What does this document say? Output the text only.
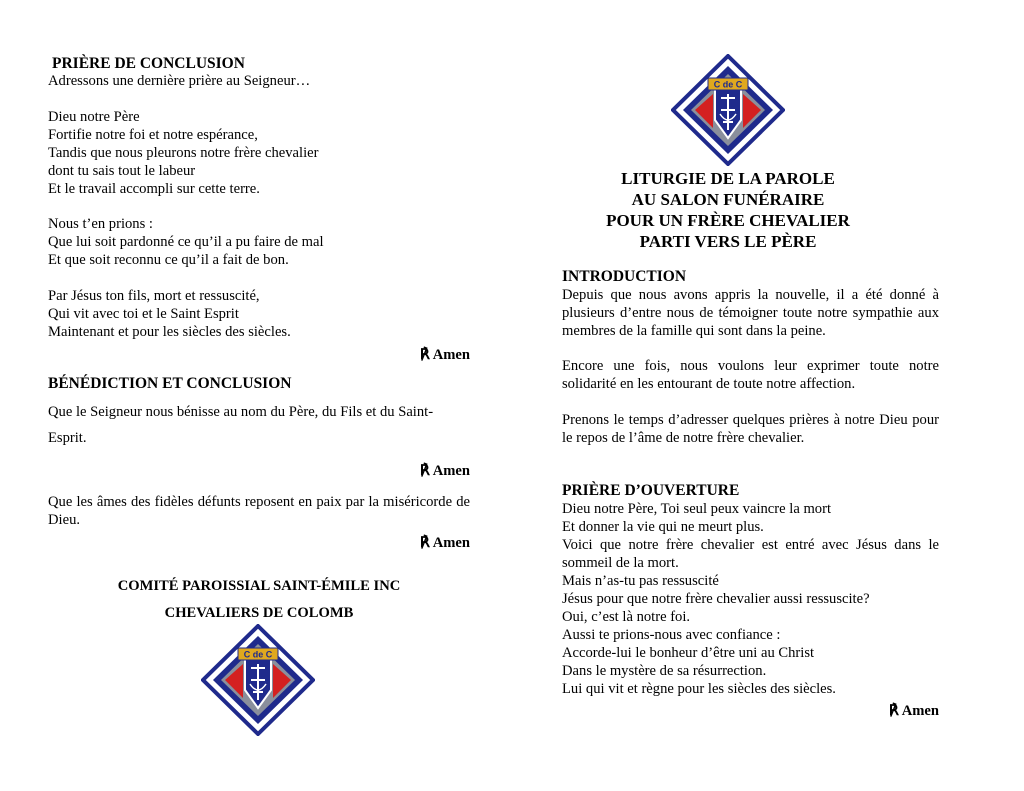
PRIÈRE DE CONCLUSION
Adressons une dernière prière au Seigneur…
Dieu notre Père
Fortifie notre foi et notre espérance,
Tandis que nous pleurons notre frère chevalier
dont tu sais tout le labeur
Et le travail accompli sur cette terre.
Nous t’en prions :
Que lui soit pardonné ce qu’il a pu faire de mal
Et que soit reconnu ce qu’il a fait de bon.
Par Jésus ton fils, mort et ressuscité,
Qui vit avec toi et le Saint Esprit
Maintenant et pour les siècles des siècles.
℟ Amen
BÉNÉDICTION ET CONCLUSION
Que le Seigneur nous bénisse au nom du Père, du Fils et du Saint-
Esprit.
℟ Amen
Que les âmes des fidèles défunts reposent en paix par la miséricorde de Dieu.
℟ Amen
COMITÉ PAROISSIAL SAINT-ÉMILE INC
CHEVALIERS DE COLOMB
C de C
C de C
LITURGIE DE LA PAROLE
AU SALON FUNÉRAIRE
POUR UN FRÈRE CHEVALIER
PARTI VERS LE PÈRE
INTRODUCTION
Depuis que nous avons appris la nouvelle, il a été donné à plusieurs d’entre nous de témoigner toute notre sympathie aux membres de la famille qui sont dans la peine.
Encore une fois, nous voulons leur exprimer toute notre solidarité en les entourant de toute notre affection.
Prenons le temps d’adresser quelques prières à notre Dieu pour le repos de l’âme de notre frère chevalier.
PRIÈRE D’OUVERTURE
Dieu notre Père, Toi seul peux vaincre la mort
Et donner la vie qui ne meurt plus.
Voici que notre frère chevalier est entré avec Jésus dans le sommeil de la mort.
Mais n’as-tu pas ressuscité
Jésus pour que notre frère chevalier aussi ressuscite?
Oui, c’est là notre foi.
Aussi te prions-nous avec confiance :
Accorde-lui le bonheur d’être uni au Christ
Dans le mystère de sa résurrection.
Lui qui vit et règne pour les siècles des siècles.
℟ Amen
